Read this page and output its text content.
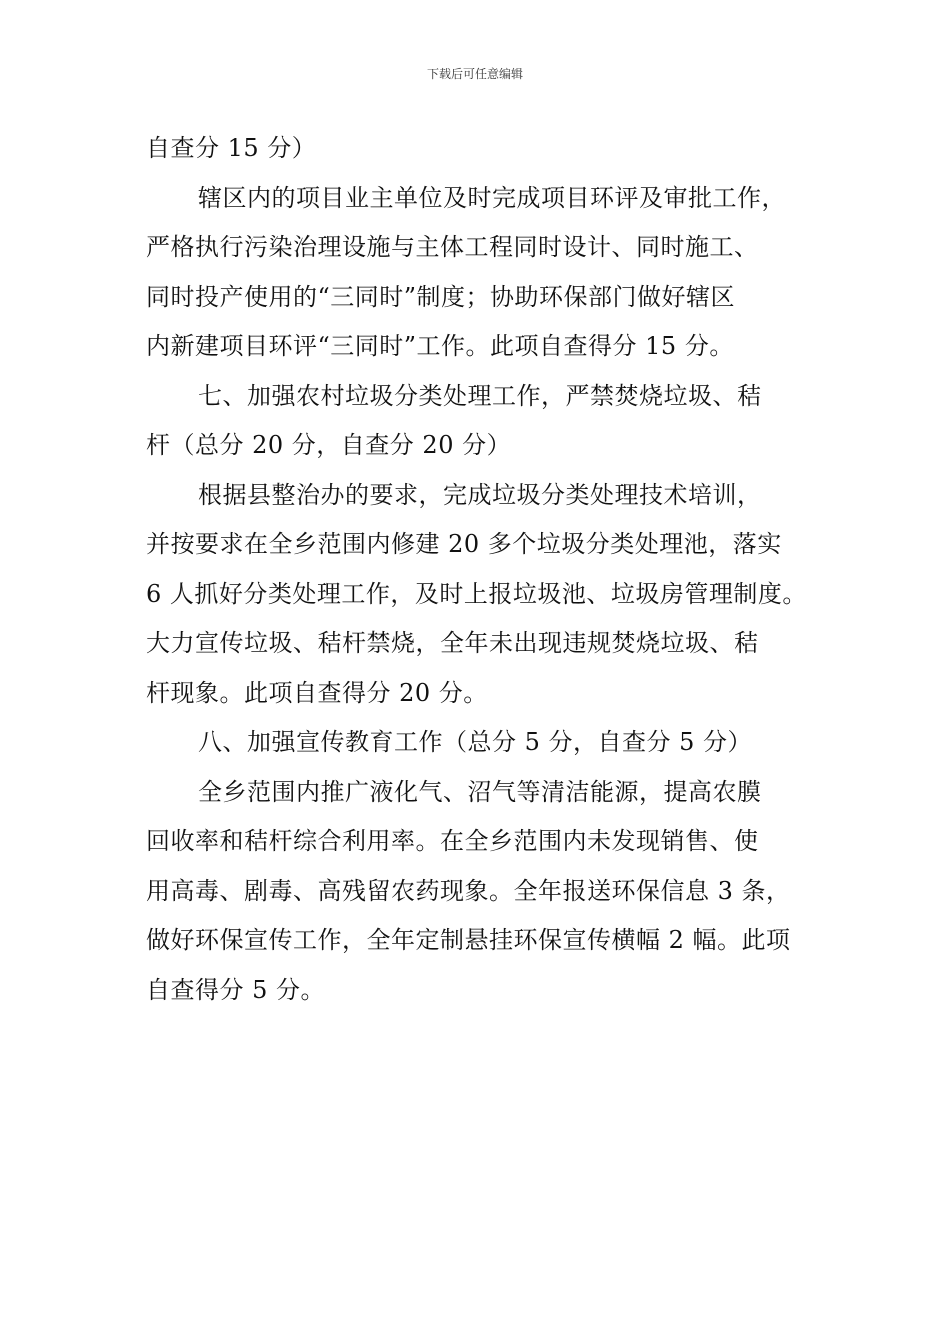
下载后可任意编辑
自查分 15 分）
辖区内的项目业主单位及时完成项目环评及审批工作，
严格执行污染治理设施与主体工程同时设计、同时施工、
同时投产使用的“三同时”制度；协助环保部门做好辖区
内新建项目环评“三同时”工作。此项自查得分 15 分。
七、加强农村垃圾分类处理工作，严禁焚烧垃圾、秸
杆（总分 20 分，自查分 20 分）
根据县整治办的要求，完成垃圾分类处理技术培训，
并按要求在全乡范围内修建 20 多个垃圾分类处理池，落实
6 人抓好分类处理工作，及时上报垃圾池、垃圾房管理制度。
大力宣传垃圾、秸杆禁烧，全年未出现违规焚烧垃圾、秸
杆现象。此项自查得分 20 分。
八、加强宣传教育工作（总分 5 分，自查分 5 分）
全乡范围内推广液化气、沼气等清洁能源，提高农膜
回收率和秸杆综合利用率。在全乡范围内未发现销售、使
用高毒、剧毒、高残留农药现象。全年报送环保信息 3 条，
做好环保宣传工作，全年定制悬挂环保宣传横幅 2 幅。此项
自查得分 5 分。
